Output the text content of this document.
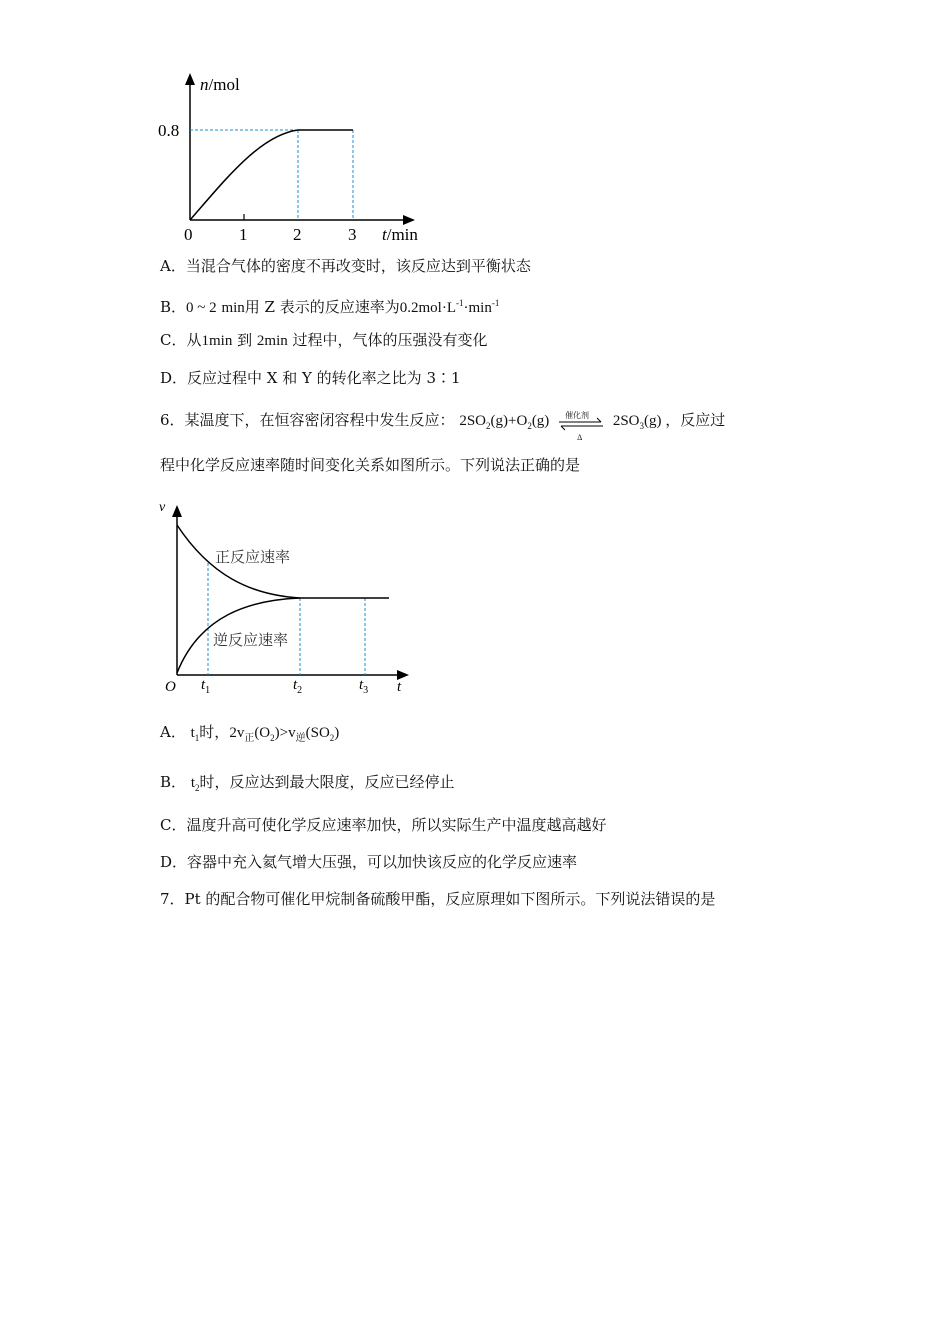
0.8
0	1	2	3
n/mol
t/min
A．当混合气体的密度不再改变时，该反应达到平衡状态
B．0 ~ 2 min用 Z 表示的反应速率为$0.2mol\cdot L^{-1}\cdot\min^{-1}$
C．从1min 到 2min 过程中，气体的压强没有变化
D．反应过程中 X 和 Y 的转化率之比为 3∶1
6．某温度下，在恒容密闭容程中发生反应： $2SO_2(g)+O_2(g)$ 催化剂
Δ
$2SO_3(g)$ ，反应过
程中化学反应速率随时间变化关系如图所示。下列说法正确的是
正反应速率
逆反应速率
v
O	t
$t_1$	$t_2$	$t_3$
A． $t_1$时，$2v_正(O_2)>v_逆(SO_2)$
B． $t_2$时，反应达到最大限度，反应已经停止
C．温度升高可使化学反应速率加快，所以实际生产中温度越高越好
D．容器中充入氦气增大压强，可以加快该反应的化学反应速率
7．Pt 的配合物可催化甲烷制备硫酸甲酯，反应原理如下图所示。下列说法错误的是
